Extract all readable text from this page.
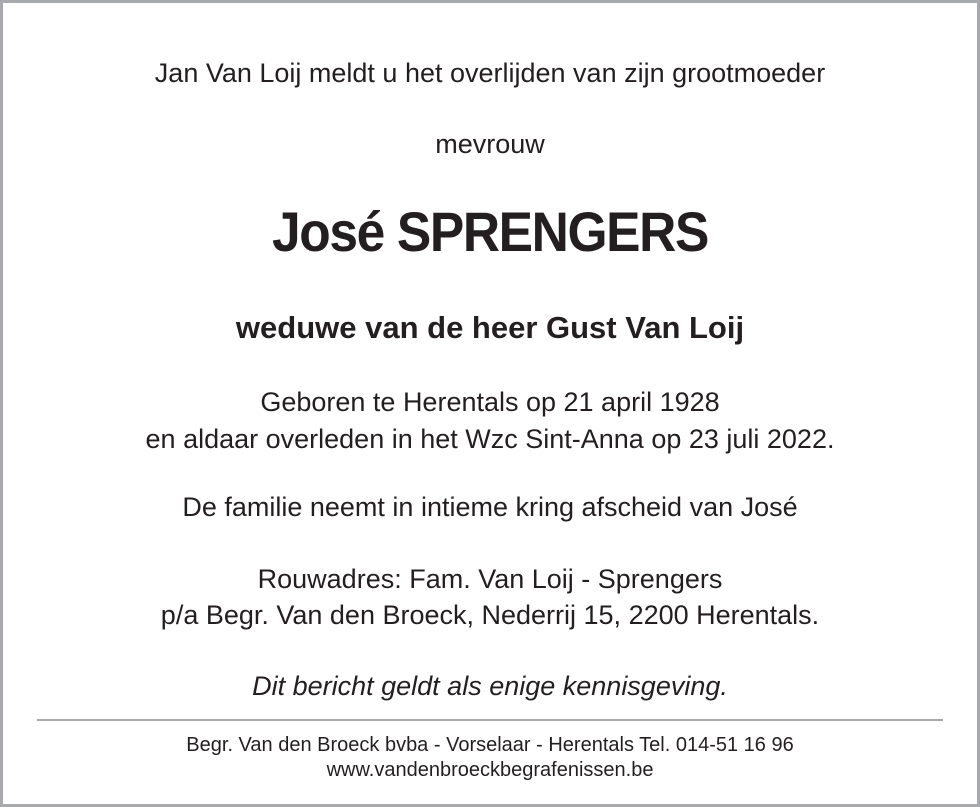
Jan Van Loij meldt u het overlijden van zijn grootmoeder
mevrouw
José SPRENGERS
weduwe van de heer Gust Van Loij
Geboren te Herentals op 21 april 1928
en aldaar overleden in het Wzc Sint-Anna op 23 juli 2022.
De familie neemt in intieme kring afscheid van José
Rouwadres: Fam. Van Loij - Sprengers
p/a Begr. Van den Broeck, Nederrij 15, 2200 Herentals.
Dit bericht geldt als enige kennisgeving.
Begr. Van den Broeck bvba - Vorselaar - Herentals Tel. 014-51 16 96
www.vandenbroeckbegrafenissen.be
